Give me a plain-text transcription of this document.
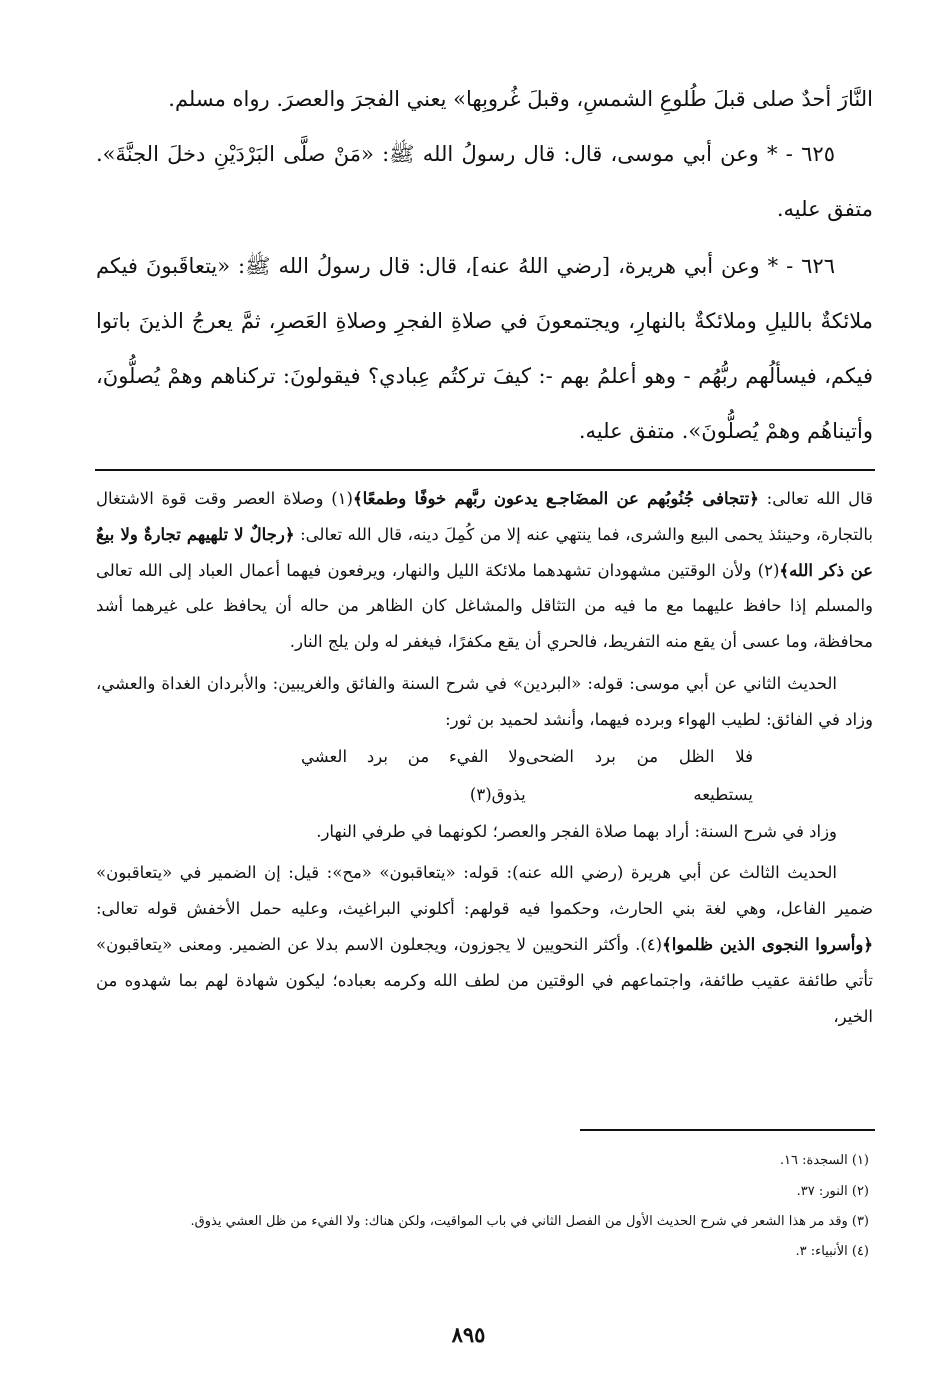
النَّارَ أحدٌ صلى قبلَ طُلوعِ الشمسِ، وقبلَ غُروبِها» يعني الفجرَ والعصرَ. رواه مسلم.

٦٢٥ - * وعن أبي موسى، قال: قال رسولُ الله ﷺ: «مَنْ صلَّى البَرْدَيْنِ دخلَ الجنَّةَ». متفق عليه.

٦٢٦ - * وعن أبي هريرة، [رضي اللهُ عنه]، قال: قال رسولُ الله ﷺ: «يتعاقَبونَ فيكم ملائكةٌ بالليلِ وملائكةٌ بالنهارِ، ويجتمعونَ في صلاةِ الفجرِ وصلاةِ العَصرِ، ثمَّ يعرجُ الذينَ باتوا فيكم، فيسألُهم ربُّهُم - وهو أعلمُ بهم -: كيفَ تركتُم عِبادي؟ فيقولونَ: تركناهم وهمْ يُصلُّونَ، وأتيناهُم وهمْ يُصلُّونَ». متفق عليه.

قال الله تعالى: ﴿تتجافى جُنُوبُهم عن المضَاجـع يدعون ربَّهم خوفًا وطمعًا﴾(١) وصلاة العصر وقت قوة الاشتغال بالتجارة، وحينئذ يحمى البيع والشرى، فما ينتهي عنه إلا من كُمِلَ دينه، قال الله تعالى: ﴿رجالٌ لا تلهيهم تجارةٌ ولا بيعٌ عن ذكر الله﴾(٢) ولأن الوقتين مشهودان تشهدهما ملائكة الليل والنهار، ويرفعون فيهما أعمال العباد إلى الله تعالى والمسلم إذا حافظ عليهما مع ما فيه من التثاقل والمشاغل كان الظاهر من حاله أن يحافظ على غيرهما أشد محافظة، وما عسى أن يقع منه التفريط، فالحري أن يقع مكفرًا، فيغفر له ولن يلج النار.

الحديث الثاني عن أبي موسى: قوله: «البردين» في شرح السنة والفائق والغريبين: والأبردان الغداة والعشي، وزاد في الفائق: لطيب الهواء وبرده فيهما، وأنشد لحميد بن ثور:

فلا الظل من برد الضحى يستطيعه
ولا الفيء من برد العشي يذوق(٣)

وزاد في شرح السنة: أراد بهما صلاة الفجر والعصر؛ لكونهما في طرفي النهار.

الحديث الثالث عن أبي هريرة (رضي الله عنه): قوله: «يتعاقبون» «مح»: قيل: إن الضمير في «يتعاقبون» ضمير الفاعل، وهي لغة بني الحارث، وحكموا فيه قولهم: أكلوني البراغيث، وعليه حمل الأخفش قوله تعالى: ﴿وأسروا النجوى الذين ظلموا﴾(٤). وأكثر النحويين لا يجوزون، ويجعلون الاسم بدلا عن الضمير. ومعنى «يتعاقبون» تأتي طائفة عقيب طائفة، واجتماعهم في الوقتين من لطف الله وكرمه بعباده؛ ليكون شهادة لهم بما شهدوه من الخير،

(١) السجدة: ١٦.

(٢) النور: ٣٧.

(٣) وقد مر هذا الشعر في شرح الحديث الأول من الفصل الثاني في باب المواقيت، ولكن هناك: ولا الفيء من ظل العشي يذوق.

(٤) الأنبياء: ٣.

٨٩٥
